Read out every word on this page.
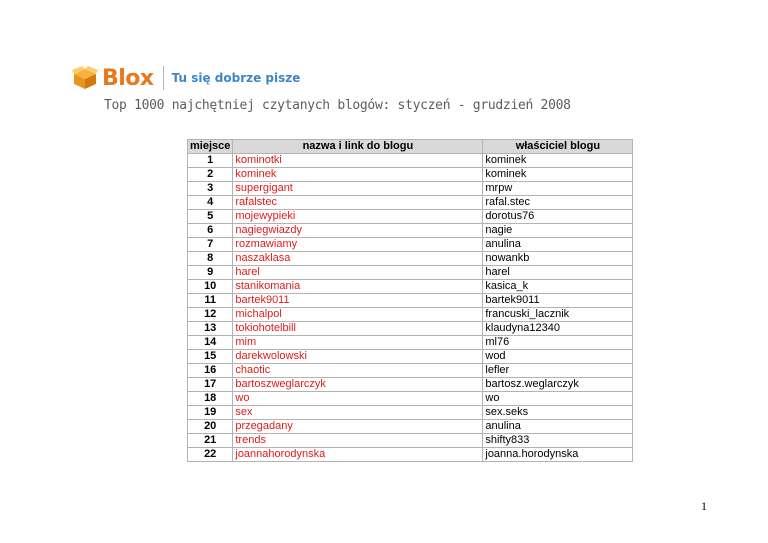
Blox Tu się dobrze pisze
Top 1000 najchętniej czytanych blogów: styczeń - grudzień 2008
miejsce	nazwa i link do blogu	właściciel blogu
1	kominotki	kominek
2	kominek	kominek
3	supergigant	mrpw
4	rafalstec	rafal.stec
5	mojewypieki	dorotus76
6	nagiegwiazdy	nagie
7	rozmawiamy	anulina
8	naszaklasa	nowankb
9	harel	harel
10	stanikomania	kasica_k
11	bartek9011	bartek9011
12	michalpol	francuski_lacznik
13	tokiohotelbill	klaudyna12340
14	mim	ml76
15	darekwolowski	wod
16	chaotic	lefler
17	bartoszweglarczyk	bartosz.weglarczyk
18	wo	wo
19	sex	sex.seks
20	przegadany	anulina
21	trends	shifty833
22	joannahorodynska	joanna.horodynska
1
